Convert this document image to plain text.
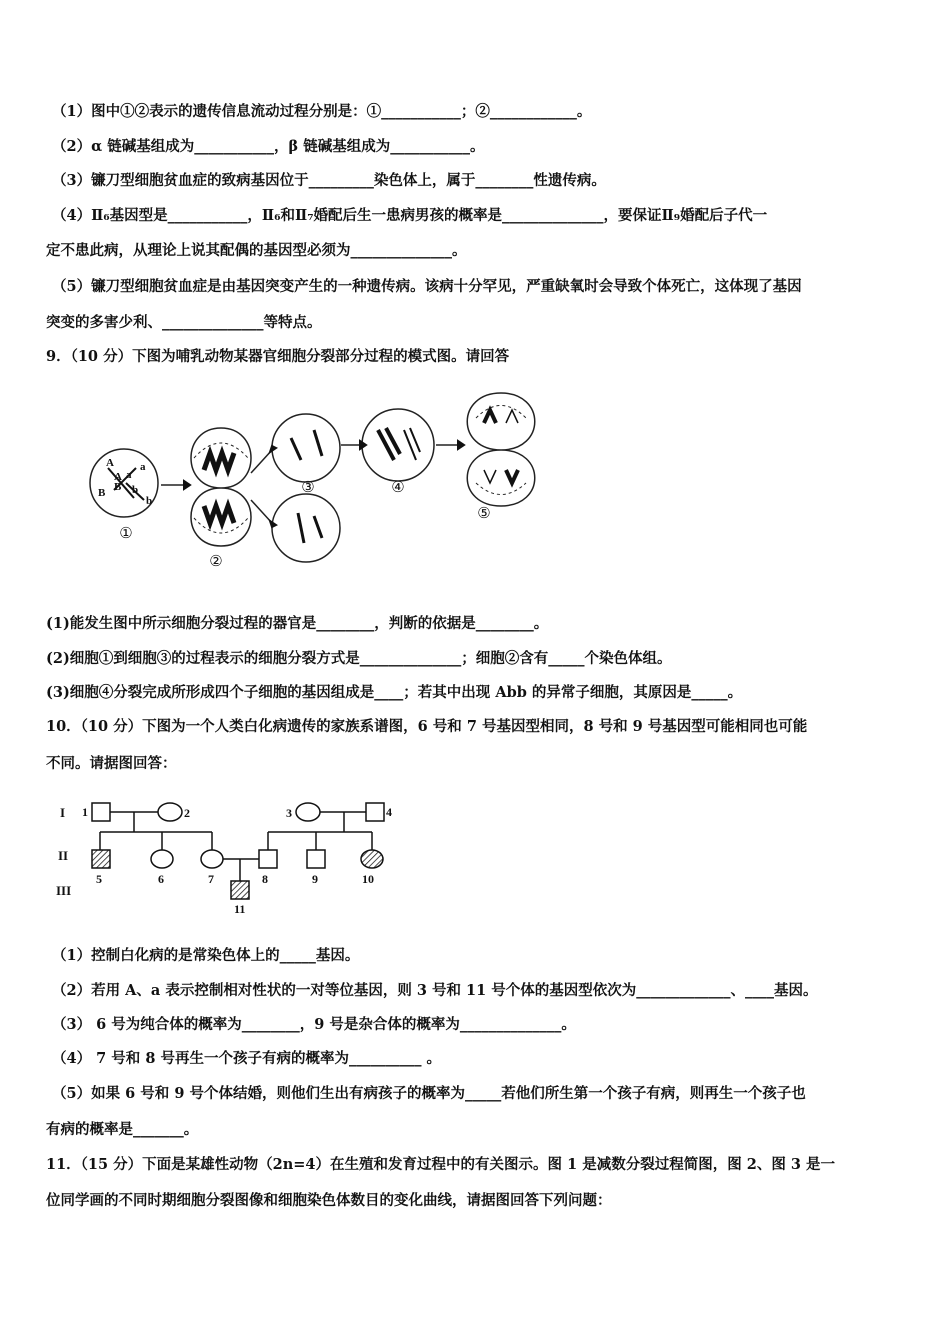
（1）图中①②表示的遗传信息流动过程分别是：①___________；②____________。
（2）α 链碱基组成为___________，β 链碱基组成为___________。
（3）镰刀型细胞贫血症的致病基因位于_________染色体上，属于________性遗传病。
（4）Ⅱ₆基因型是___________，Ⅱ₆和Ⅱ₇婚配后生一患病男孩的概率是______________，要保证Ⅱ₉婚配后子代一
定不患此病，从理论上说其配偶的基因型必须为______________。
（5）镰刀型细胞贫血症是由基因突变产生的一种遗传病。该病十分罕见，严重缺氧时会导致个体死亡，这体现了基因
突变的多害少利、______________等特点。
9．（10 分）下图为哺乳动物某器官细胞分裂部分过程的模式图。请回答
A a
A a
B B b
b
①
②
③	④
⑤
(1)能发生图中所示细胞分裂过程的器官是________，判断的依据是________。
(2)细胞①到细胞③的过程表示的细胞分裂方式是______________；细胞②含有_____个染色体组。
(3)细胞④分裂完成所形成四个子细胞的基因组成是____；若其中出现 Abb 的异常子细胞，其原因是_____。
10．（10 分）下图为一个人类白化病遗传的家族系谱图，6 号和 7 号基因型相同，8 号和 9 号基因型可能相同也可能
不同。请据图回答：
I
II
III
1	2	3	4
5	6	7	8	9	10
11
（1）控制白化病的是常染色体上的_____基因。
（2）若用 A、a 表示控制相对性状的一对等位基因，则 3 号和 11 号个体的基因型依次为_____________、____基因。
（3） 6 号为纯合体的概率为________，9 号是杂合体的概率为______________。
（4） 7 号和 8 号再生一个孩子有病的概率为__________ 。
（5）如果 6 号和 9 号个体结婚，则他们生出有病孩子的概率为_____若他们所生第一个孩子有病，则再生一个孩子也
有病的概率是_______。
11．（15 分）下面是某雄性动物（2n=4）在生殖和发育过程中的有关图示。图 1 是减数分裂过程简图，图 2、图 3 是一
位同学画的不同时期细胞分裂图像和细胞染色体数目的变化曲线，请据图回答下列问题：
